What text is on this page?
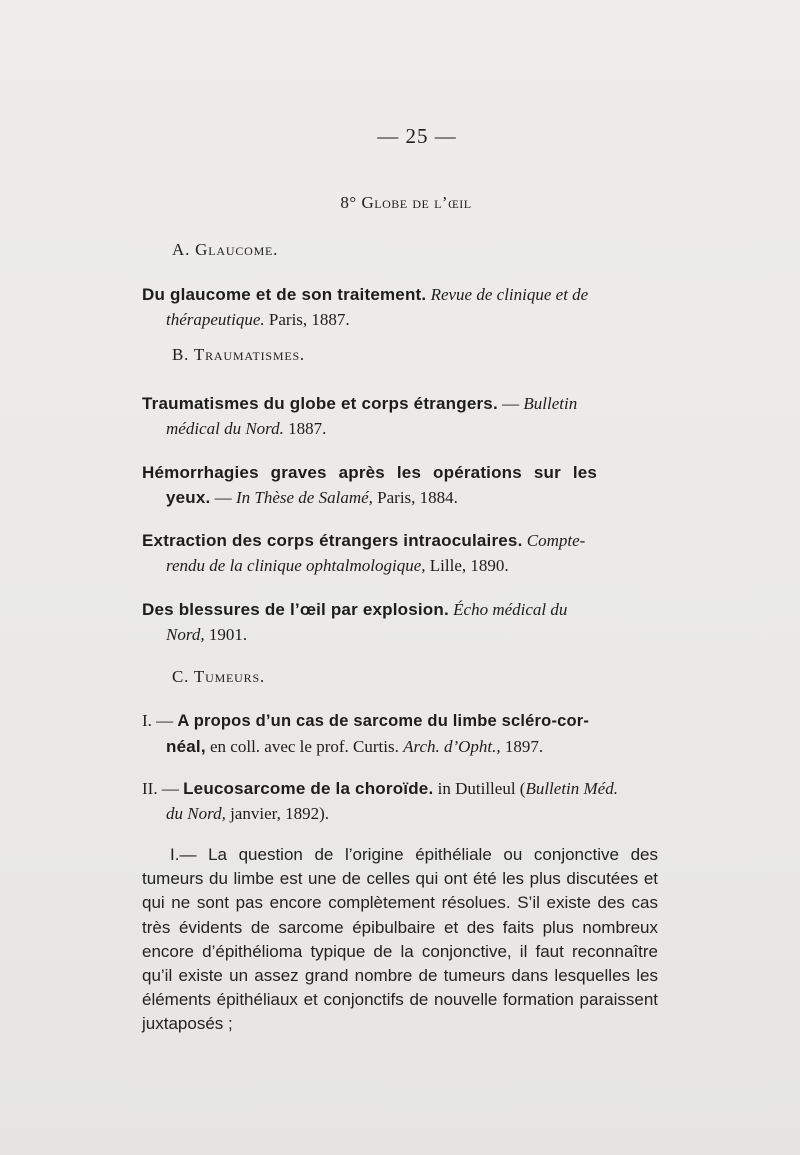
— 25 —
8° Globe de l’œil
A. Glaucome.
Du glaucome et de son traitement. Revue de clinique et de
thérapeutique. Paris, 1887.
B. Traumatismes.
Traumatismes du globe et corps étrangers. — Bulletin
médical du Nord. 1887.
Hémorrhagies graves après les opérations sur les
yeux. — In Thèse de Salamé, Paris, 1884.
Extraction des corps étrangers intraoculaires. Compte-
rendu de la clinique ophtalmologique, Lille, 1890.
Des blessures de l’œil par explosion. Écho médical du
Nord, 1901.
C. Tumeurs.
I. — A propos d’un cas de sarcome du limbe scléro-cor-
néal, en coll. avec le prof. Curtis. Arch. d’Opht., 1897.
II. — Leucosarcome de la choroïde. in Dutilleul (Bulletin Méd.
du Nord, janvier, 1892).
I.— La question de l’origine épithéliale ou conjonctive des tumeurs du limbe est une de celles qui ont été les plus discutées et qui ne sont pas encore complètement résolues. S’il existe des cas très évidents de sarcome épibulbaire et des faits plus nombreux encore d’épithélioma typique de la conjonctive, il faut reconnaître qu’il existe un assez grand nombre de tumeurs dans lesquelles les éléments épithéliaux et conjonctifs de nouvelle formation paraissent juxtaposés ;
